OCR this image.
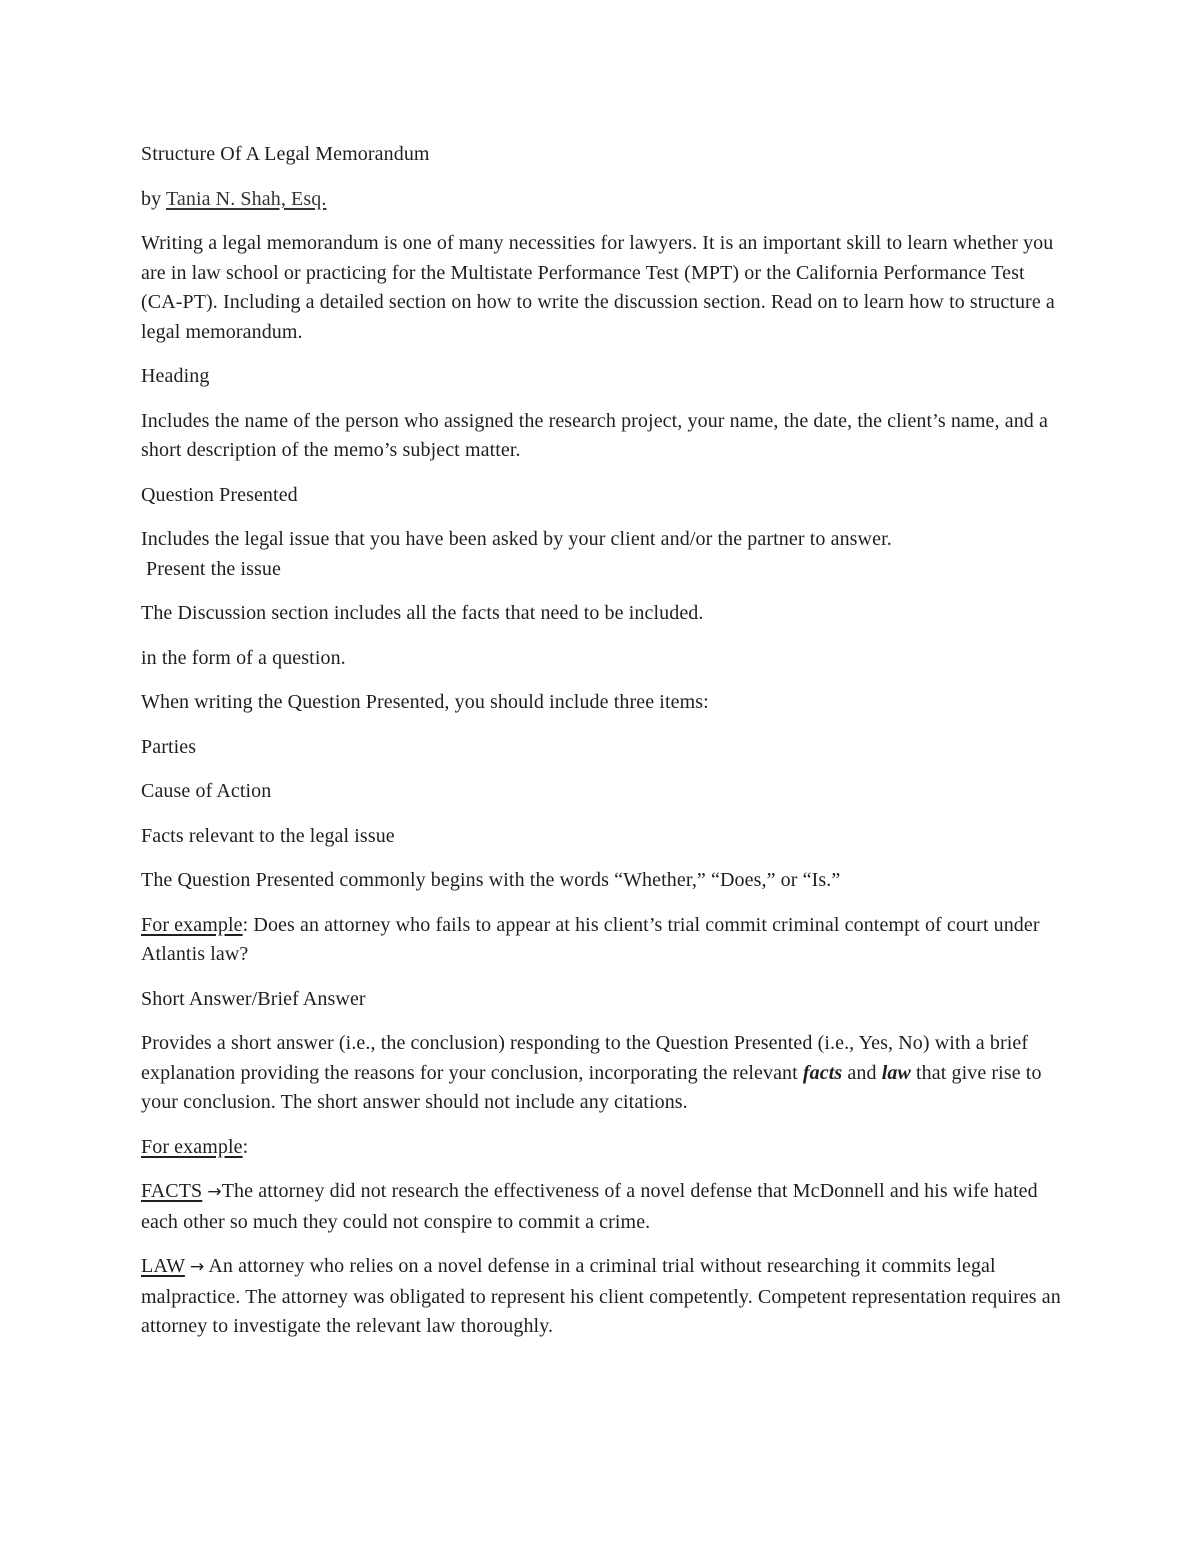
Structure Of A Legal Memorandum

by Tania N. Shah, Esq.

Writing a legal memorandum is one of many necessities for lawyers. It is an important skill to learn whether you are in law school or practicing for the Multistate Performance Test (MPT) or the California Performance Test (CA-PT). Including a detailed section on how to write the discussion section. Read on to learn how to structure a legal memorandum.

Heading

Includes the name of the person who assigned the research project, your name, the date, the client’s name, and a short description of the memo’s subject matter.

Question Presented

Includes the legal issue that you have been asked by your client and/or the partner to answer.
Present the issue

The Discussion section includes all the facts that need to be included.

in the form of a question.

When writing the Question Presented, you should include three items:

Parties

Cause of Action

Facts relevant to the legal issue

The Question Presented commonly begins with the words “Whether,” “Does,” or “Is.”

For example: Does an attorney who fails to appear at his client’s trial commit criminal contempt of court under Atlantis law?

Short Answer/Brief Answer

Provides a short answer (i.e., the conclusion) responding to the Question Presented (i.e., Yes, No) with a brief explanation providing the reasons for your conclusion, incorporating the relevant facts and law that give rise to your conclusion. The short answer should not include any citations.

For example:

FACTS →The attorney did not research the effectiveness of a novel defense that McDonnell and his wife hated each other so much they could not conspire to commit a crime.

LAW → An attorney who relies on a novel defense in a criminal trial without researching it commits legal malpractice. The attorney was obligated to represent his client competently. Competent representation requires an attorney to investigate the relevant law thoroughly.
